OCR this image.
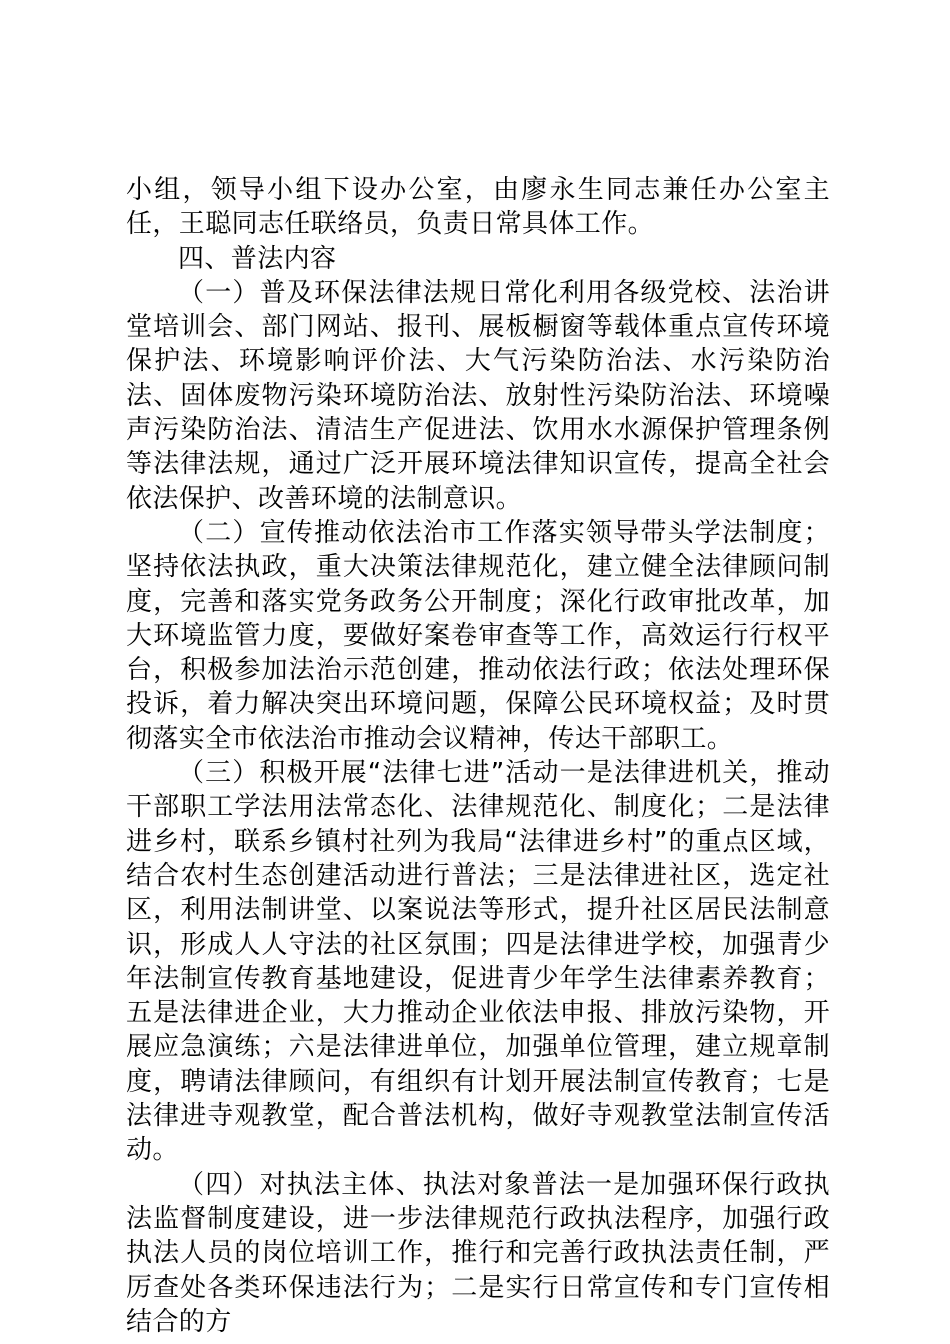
小组，领导小组下设办公室，由廖永生同志兼任办公室主任，王聪同志任联络员，负责日常具体工作。

四、普法内容

（一）普及环保法律法规日常化利用各级党校、法治讲堂培训会、部门网站、报刊、展板橱窗等载体重点宣传环境保护法、环境影响评价法、大气污染防治法、水污染防治法、固体废物污染环境防治法、放射性污染防治法、环境噪声污染防治法、清洁生产促进法、饮用水水源保护管理条例等法律法规，通过广泛开展环境法律知识宣传，提高全社会依法保护、改善环境的法制意识。

（二）宣传推动依法治市工作落实领导带头学法制度；坚持依法执政，重大决策法律规范化，建立健全法律顾问制度，完善和落实党务政务公开制度；深化行政审批改革，加大环境监管力度，要做好案卷审查等工作，高效运行行权平台，积极参加法治示范创建，推动依法行政；依法处理环保投诉，着力解决突出环境问题，保障公民环境权益；及时贯彻落实全市依法治市推动会议精神，传达干部职工。

（三）积极开展“法律七进”活动一是法律进机关，推动干部职工学法用法常态化、法律规范化、制度化；二是法律进乡村，联系乡镇村社列为我局“法律进乡村”的重点区域，结合农村生态创建活动进行普法；三是法律进社区，选定社区，利用法制讲堂、以案说法等形式，提升社区居民法制意识，形成人人守法的社区氛围；四是法律进学校，加强青少年法制宣传教育基地建设，促进青少年学生法律素养教育；五是法律进企业，大力推动企业依法申报、排放污染物，开展应急演练；六是法律进单位，加强单位管理，建立规章制度，聘请法律顾问，有组织有计划开展法制宣传教育；七是法律进寺观教堂，配合普法机构，做好寺观教堂法制宣传活动。

（四）对执法主体、执法对象普法一是加强环保行政执法监督制度建设，进一步法律规范行政执法程序，加强行政执法人员的岗位培训工作，推行和完善行政执法责任制，严厉查处各类环保违法行为；二是实行日常宣传和专门宣传相结合的方
